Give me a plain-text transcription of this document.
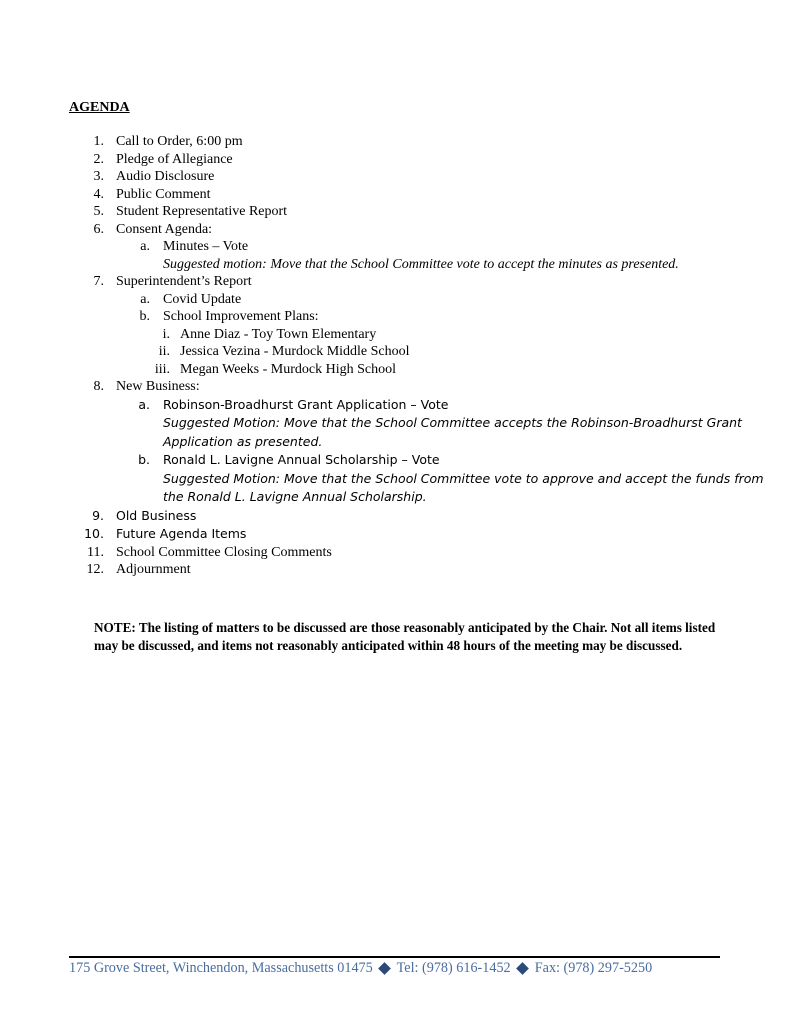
AGENDA
1. Call to Order, 6:00 pm
2. Pledge of Allegiance
3. Audio Disclosure
4. Public Comment
5. Student Representative Report
6. Consent Agenda:
a. Minutes – Vote
Suggested motion: Move that the School Committee vote to accept the minutes as presented.
7. Superintendent’s Report
a. Covid Update
b. School Improvement Plans:
i. Anne Diaz - Toy Town Elementary
ii. Jessica Vezina - Murdock Middle School
iii. Megan Weeks - Murdock High School
8. New Business:
a. Robinson-Broadhurst Grant Application – Vote
Suggested Motion: Move that the School Committee accepts the Robinson-Broadhurst Grant
Application as presented.
b. Ronald L. Lavigne Annual Scholarship – Vote
Suggested Motion: Move that the School Committee vote to approve and accept the funds from
the Ronald L. Lavigne Annual Scholarship.
9. Old Business
10. Future Agenda Items
11. School Committee Closing Comments
12. Adjournment
NOTE: The listing of matters to be discussed are those reasonably anticipated by the Chair. Not all items listed may be discussed, and items not reasonably anticipated within 48 hours of the meeting may be discussed.
175 Grove Street, Winchendon, Massachusetts 01475 Tel: (978) 616-1452 Fax: (978) 297-5250
